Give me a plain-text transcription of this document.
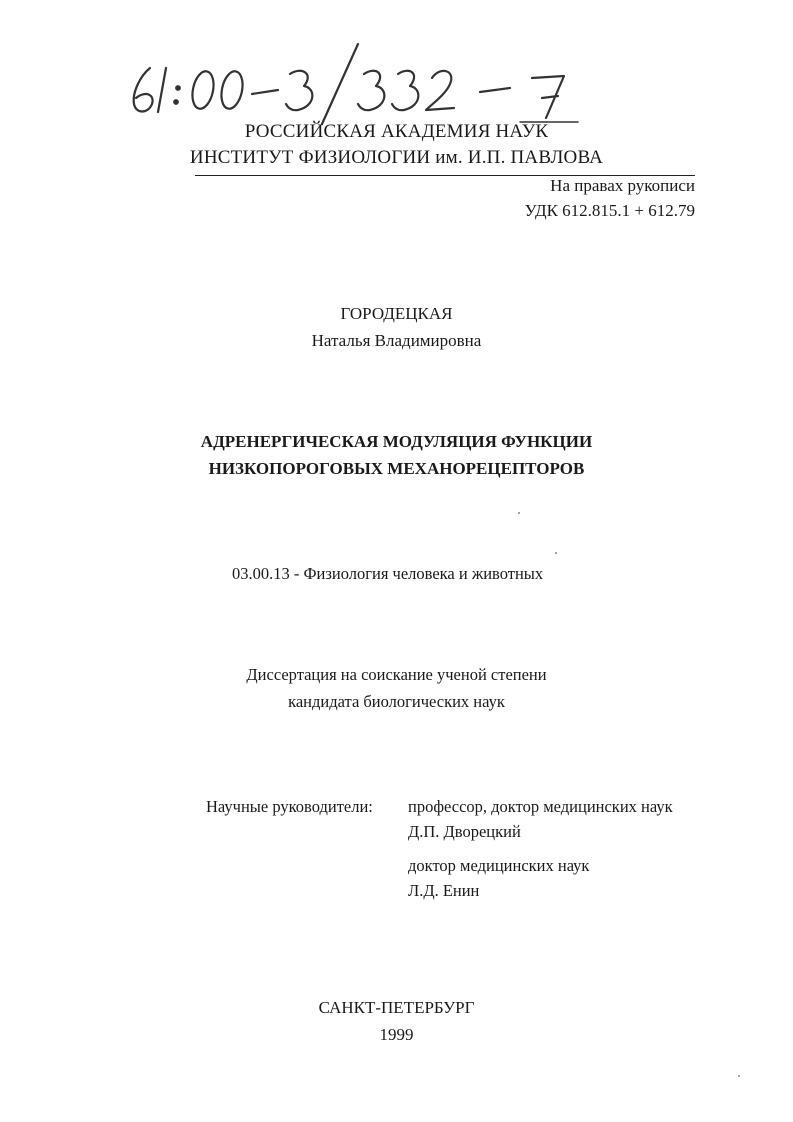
РОССИЙСКАЯ АКАДЕМИЯ НАУК
ИНСТИТУТ ФИЗИОЛОГИИ им. И.П. ПАВЛОВА
На правах рукописи
УДК 612.815.1 + 612.79
ГОРОДЕЦКАЯ
Наталья Владимировна
АДРЕНЕРГИЧЕСКАЯ МОДУЛЯЦИЯ ФУНКЦИИ
НИЗКОПОРОГОВЫХ МЕХАНОРЕЦЕПТОРОВ
03.00.13 - Физиология человека и животных
Диссертация на соискание ученой степени
кандидата биологических наук
Научные руководители: профессор, доктор медицинских наук
Д.П. Дворецкий
доктор медицинских наук
Л.Д. Енин
САНКТ-ПЕТЕРБУРГ
1999
